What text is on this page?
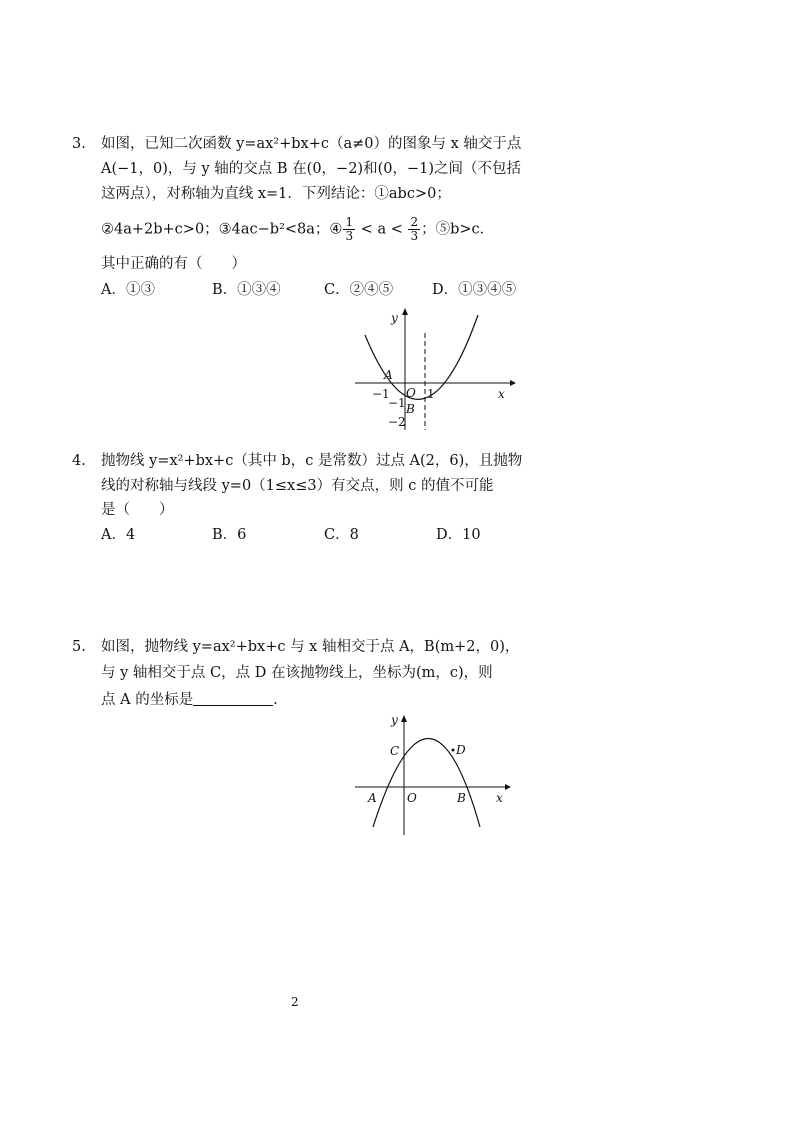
3. 如图，已知二次函数 y=ax²+bx+c（a≠0）的图象与 x 轴交于点
A(−1，0)，与 y 轴的交点 B 在(0，−2)和(0，−1)之间（不包括
这两点），对称轴为直线 x=1．下列结论：①abc>0；
②4a+2b+c>0；③4ac−b²<8a；④ $\frac{1}{3} < a < \frac{2}{3}$ ；⑤b>c．
其中正确的有（　　）
A．①③	B．①③④	C．②④⑤	D．①③④⑤
y
x
A
O
−1	1
−1 B
−2
4. 抛物线 y=x²+bx+c（其中 b，c 是常数）过点 A(2，6)，且抛物
线的对称轴与线段 y=0（1≤x≤3）有交点，则 c 的值不可能
是（　　）
A．4	B．6	C．8	D．10
5. 如图，抛物线 y=ax²+bx+c 与 x 轴相交于点 A，B(m+2，0)，
与 y 轴相交于点 C，点 D 在该抛物线上，坐标为(m，c)，则
点 A 的坐标是	．
y
x
C	D
A	O	B
2
